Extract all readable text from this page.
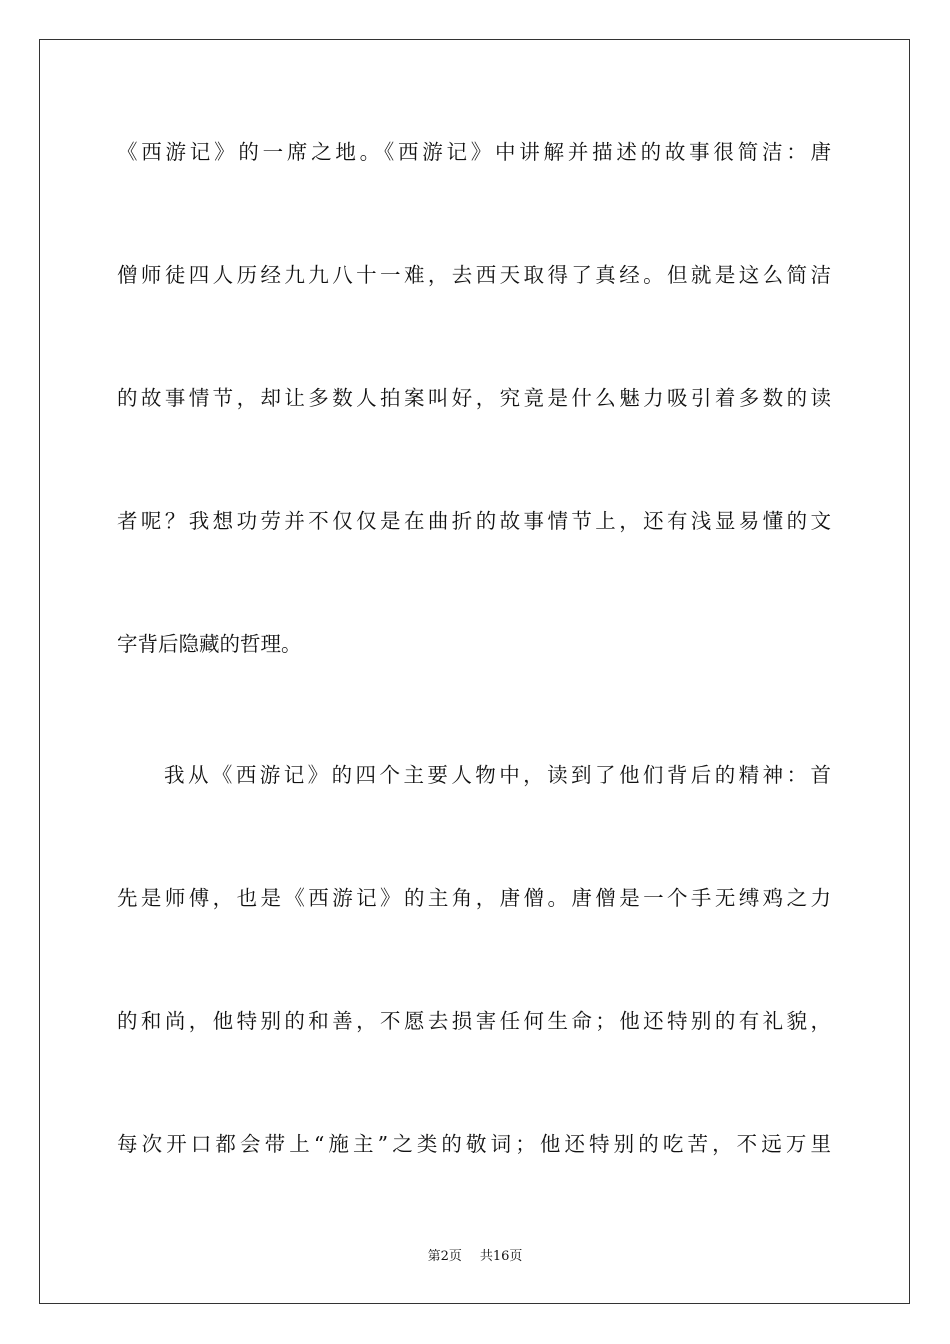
《西游记》的一席之地。《西游记》中讲解并描述的故事很简洁：唐
僧师徒四人历经九九八十一难，去西天取得了真经。但就是这么简洁
的故事情节，却让多数人拍案叫好，究竟是什么魅力吸引着多数的读
者呢？我想功劳并不仅仅是在曲折的故事情节上，还有浅显易懂的文
字背后隐藏的哲理。
我从《西游记》的四个主要人物中，读到了他们背后的精神：首
先是师傅，也是《西游记》的主角，唐僧。唐僧是一个手无缚鸡之力
的和尚，他特别的和善，不愿去损害任何生命；他还特别的有礼貌，
每次开口都会带上“施主”之类的敬词；他还特别的吃苦，不远万里
第2页 共16页
